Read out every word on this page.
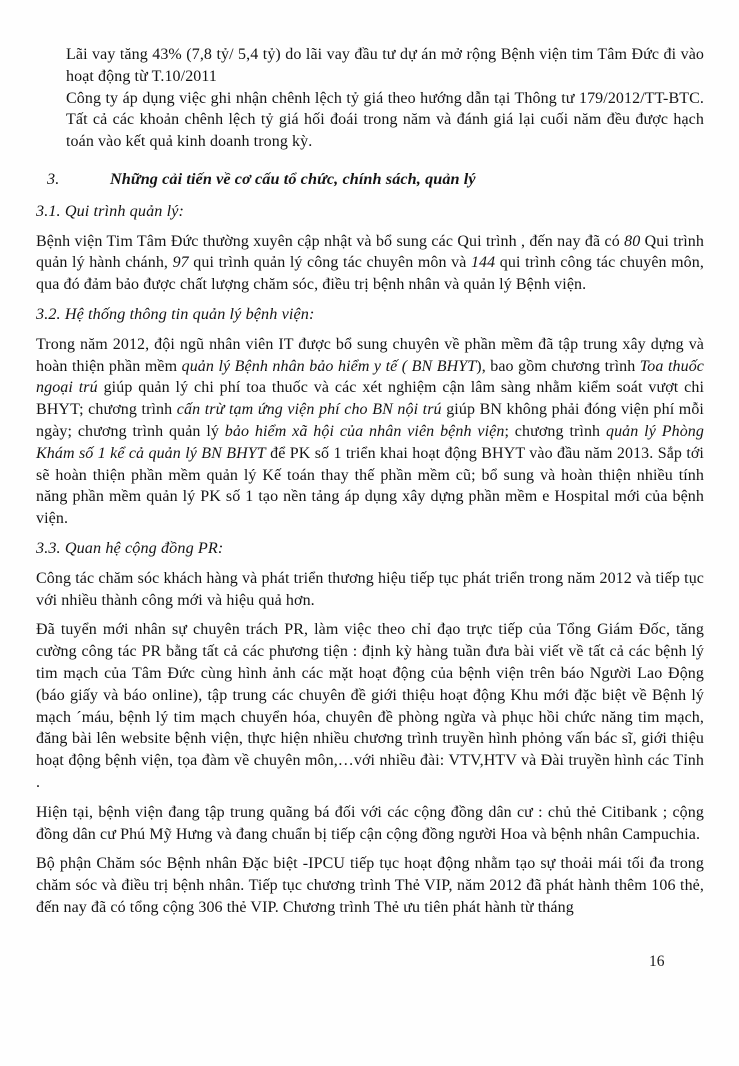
Lãi vay tăng 43% (7,8 tỷ/ 5,4 tỷ) do lãi vay đầu tư dự án mở rộng Bệnh viện tim Tâm Đức đi vào hoạt động từ T.10/2011

Công ty áp dụng việc ghi nhận chênh lệch tỷ giá theo hướng dẫn tại Thông tư 179/2012/TT-BTC. Tất cả các khoản chênh lệch tỷ giá hối đoái trong năm và đánh giá lại cuối năm đều được hạch toán vào kết quả kinh doanh trong kỳ.

3.	Những cải tiến về cơ cấu tổ chức, chính sách, quản lý
3.1. Qui trình quản lý:

Bệnh viện Tim Tâm Đức thường xuyên cập nhật và bổ sung các Qui trình , đến nay đã có 80 Qui trình quản lý hành chánh, 97 qui trình quản lý công tác chuyên môn và 144 qui trình công tác chuyên môn, qua đó đảm bảo được chất lượng chăm sóc, điều trị bệnh nhân và quản lý Bệnh viện.

3.2. Hệ thống thông tin quản lý bệnh viện:

Trong năm 2012, đội ngũ nhân viên IT được bổ sung chuyên về phần mềm đã tập trung xây dựng và hoàn thiện phần mềm quản lý Bệnh nhân bảo hiểm y tế ( BN BHYT), bao gồm chương trình Toa thuốc ngoại trú giúp quản lý chi phí toa thuốc và các xét nghiệm cận lâm sàng nhằm kiểm soát vượt chi BHYT; chương trình cấn trừ tạm ứng viện phí cho BN nội trú giúp BN không phải đóng viện phí mỗi ngày; chương trình quản lý bảo hiểm xã hội của nhân viên bệnh viện; chương trình quản lý Phòng Khám số 1 kể cả quản lý BN BHYT để PK số 1 triển khai hoạt động BHYT vào đầu năm 2013. Sắp tới sẽ hoàn thiện phần mềm quản lý Kế toán thay thế phần mềm cũ; bổ sung và hoàn thiện nhiều tính năng phần mềm quản lý PK số 1 tạo nền tảng áp dụng xây dựng phần mềm e Hospital mới của bệnh viện.

3.3. Quan hệ cộng đồng PR:

Công tác chăm sóc khách hàng và phát triển thương hiệu tiếp tục phát triển trong năm 2012 và tiếp tục với nhiều thành công mới và hiệu quả hơn.

Đã tuyển mới nhân sự chuyên trách PR, làm việc theo chỉ đạo trực tiếp của Tổng Giám Đốc, tăng cường công tác PR bằng tất cả các phương tiện : định kỳ hàng tuần đưa bài viết về tất cả các bệnh lý tim mạch của Tâm Đức cùng hình ảnh các mặt hoạt động của bệnh viện trên báo Người Lao Động (báo giấy và báo online), tập trung các chuyên đề giới thiệu hoạt động Khu mới đặc biệt về Bệnh lý mạch ´máu, bệnh lý tim mạch chuyển hóa, chuyên đề phòng ngừa và phục hồi chức năng tim mạch, đăng bài lên website bệnh viện, thực hiện nhiều chương trình truyền hình phỏng vấn bác sĩ, giới thiệu hoạt động bệnh viện, tọa đàm về chuyên môn,…với nhiều đài: VTV,HTV và Đài truyền hình các Tỉnh .

Hiện tại, bệnh viện đang tập trung quãng bá đối với các cộng đồng dân cư : chủ thẻ Citibank ; cộng đồng dân cư Phú Mỹ Hưng và đang chuẩn bị tiếp cận cộng đồng người Hoa và bệnh nhân Campuchia.

Bộ phận Chăm sóc Bệnh nhân Đặc biệt -IPCU tiếp tục hoạt động nhằm tạo sự thoải mái tối đa trong chăm sóc và điều trị bệnh nhân. Tiếp tục chương trình Thẻ VIP, năm 2012 đã phát hành thêm 106 thẻ, đến nay đã có tổng cộng 306 thẻ VIP. Chương trình Thẻ ưu tiên phát hành từ tháng

16
